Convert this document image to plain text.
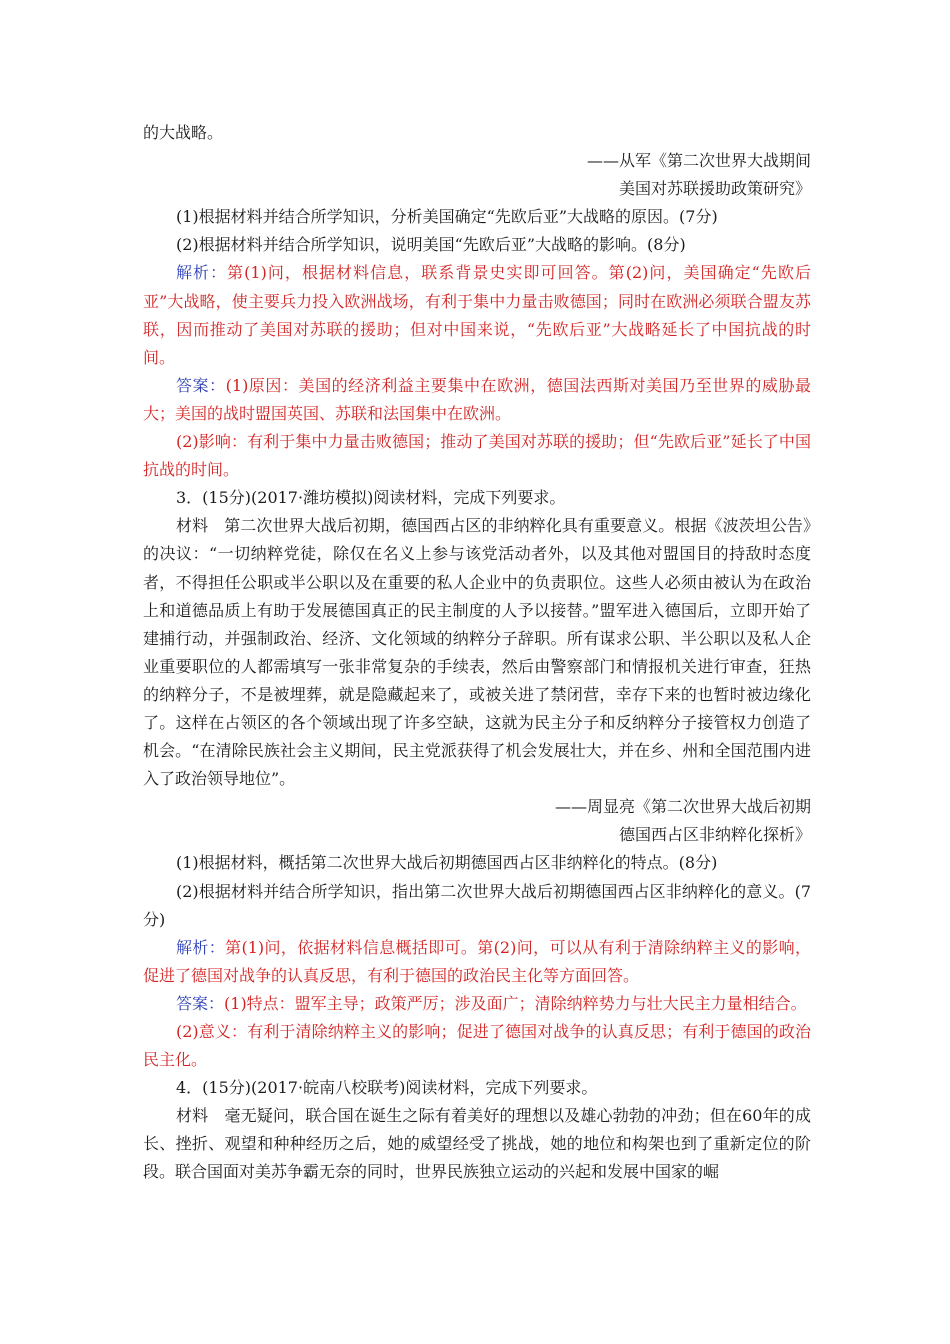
的大战略。

——从军《第二次世界大战期间

美国对苏联援助政策研究》

(1)根据材料并结合所学知识，分析美国确定“先欧后亚”大战略的原因。(7分)

(2)根据材料并结合所学知识，说明美国“先欧后亚”大战略的影响。(8分)

解析：第(1)问，根据材料信息，联系背景史实即可回答。第(2)问，美国确定“先欧后亚”大战略，使主要兵力投入欧洲战场，有利于集中力量击败德国；同时在欧洲必须联合盟友苏联，因而推动了美国对苏联的援助；但对中国来说，“先欧后亚”大战略延长了中国抗战的时间。

答案：(1)原因：美国的经济利益主要集中在欧洲，德国法西斯对美国乃至世界的威胁最大；美国的战时盟国英国、苏联和法国集中在欧洲。

(2)影响：有利于集中力量击败德国；推动了美国对苏联的援助；但“先欧后亚”延长了中国抗战的时间。

3．(15分)(2017·潍坊模拟)阅读材料，完成下列要求。

材料　第二次世界大战后初期，德国西占区的非纳粹化具有重要意义。根据《波茨坦公告》的决议：“一切纳粹党徒，除仅在名义上参与该党活动者外，以及其他对盟国目的持敌时态度者，不得担任公职或半公职以及在重要的私人企业中的负责职位。这些人必须由被认为在政治上和道德品质上有助于发展德国真正的民主制度的人予以接替。”盟军进入德国后，立即开始了建捕行动，并强制政治、经济、文化领域的纳粹分子辞职。所有谋求公职、半公职以及私人企业重要职位的人都需填写一张非常复杂的手续表，然后由警察部门和情报机关进行审查，狂热的纳粹分子，不是被埋葬，就是隐藏起来了，或被关进了禁闭营，幸存下来的也暂时被边缘化了。这样在占领区的各个领域出现了许多空缺，这就为民主分子和反纳粹分子接管权力创造了机会。“在清除民族社会主义期间，民主党派获得了机会发展壮大，并在乡、州和全国范围内进入了政治领导地位”。

——周显亮《第二次世界大战后初期

德国西占区非纳粹化探析》

(1)根据材料，概括第二次世界大战后初期德国西占区非纳粹化的特点。(8分)

(2)根据材料并结合所学知识，指出第二次世界大战后初期德国西占区非纳粹化的意义。(7分)

解析：第(1)问，依据材料信息概括即可。第(2)问，可以从有利于清除纳粹主义的影响，促进了德国对战争的认真反思，有利于德国的政治民主化等方面回答。

答案：(1)特点：盟军主导；政策严厉；涉及面广；清除纳粹势力与壮大民主力量相结合。

(2)意义：有利于清除纳粹主义的影响；促进了德国对战争的认真反思；有利于德国的政治民主化。

4．(15分)(2017·皖南八校联考)阅读材料，完成下列要求。

材料　毫无疑问，联合国在诞生之际有着美好的理想以及雄心勃勃的冲劲；但在60年的成长、挫折、观望和种种经历之后，她的威望经受了挑战，她的地位和构架也到了重新定位的阶段。联合国面对美苏争霸无奈的同时，世界民族独立运动的兴起和发展中国家的崛
